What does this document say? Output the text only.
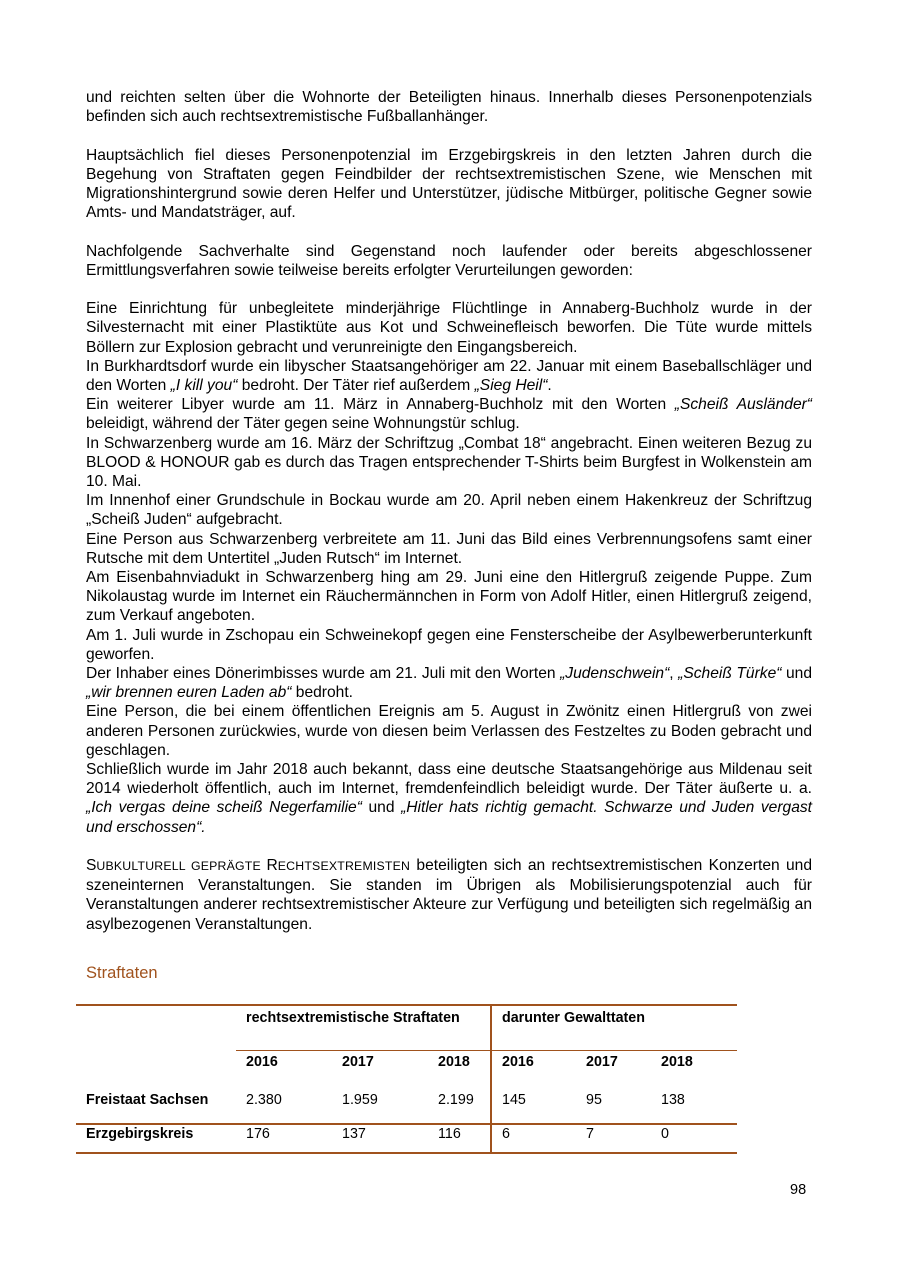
und reichten selten über die Wohnorte der Beteiligten hinaus. Innerhalb dieses Personenpotenzials befinden sich auch rechtsextremistische Fußballanhänger.

Hauptsächlich fiel dieses Personenpotenzial im Erzgebirgskreis in den letzten Jahren durch die Begehung von Straftaten gegen Feindbilder der rechtsextremistischen Szene, wie Menschen mit Migrationshintergrund sowie deren Helfer und Unterstützer, jüdische Mitbürger, politische Gegner sowie Amts- und Mandatsträger, auf.

Nachfolgende Sachverhalte sind Gegenstand noch laufender oder bereits abgeschlossener Ermittlungsverfahren sowie teilweise bereits erfolgter Verurteilungen geworden:

Eine Einrichtung für unbegleitete minderjährige Flüchtlinge in Annaberg-Buchholz wurde in der Silvesternacht mit einer Plastiktüte aus Kot und Schweinefleisch beworfen. Die Tüte wurde mittels Böllern zur Explosion gebracht und verunreinigte den Eingangsbereich.

In Burkhardtsdorf wurde ein libyscher Staatsangehöriger am 22. Januar mit einem Baseballschläger und den Worten „I kill you“ bedroht. Der Täter rief außerdem „Sieg Heil“.

Ein weiterer Libyer wurde am 11. März in Annaberg-Buchholz mit den Worten „Scheiß Ausländer“ beleidigt, während der Täter gegen seine Wohnungstür schlug.

In Schwarzenberg wurde am 16. März der Schriftzug „Combat 18“ angebracht. Einen weiteren Bezug zu BLOOD & HONOUR gab es durch das Tragen entsprechender T-Shirts beim Burgfest in Wolkenstein am 10. Mai.

Im Innenhof einer Grundschule in Bockau wurde am 20. April neben einem Hakenkreuz der Schriftzug „Scheiß Juden“ aufgebracht.

Eine Person aus Schwarzenberg verbreitete am 11. Juni das Bild eines Verbrennungsofens samt einer Rutsche mit dem Untertitel „Juden Rutsch“ im Internet.

Am Eisenbahnviadukt in Schwarzenberg hing am 29. Juni eine den Hitlergruß zeigende Puppe. Zum Nikolaustag wurde im Internet ein Räuchermännchen in Form von Adolf Hitler, einen Hitlergruß zeigend, zum Verkauf angeboten.

Am 1. Juli wurde in Zschopau ein Schweinekopf gegen eine Fensterscheibe der Asylbewerberunterkunft geworfen.

Der Inhaber eines Dönerimbisses wurde am 21. Juli mit den Worten „Judenschwein“, „Scheiß Türke“ und „wir brennen euren Laden ab“ bedroht.

Eine Person, die bei einem öffentlichen Ereignis am 5. August in Zwönitz einen Hitlergruß von zwei anderen Personen zurückwies, wurde von diesen beim Verlassen des Festzeltes zu Boden gebracht und geschlagen.

Schließlich wurde im Jahr 2018 auch bekannt, dass eine deutsche Staatsangehörige aus Mildenau seit 2014 wiederholt öffentlich, auch im Internet, fremdenfeindlich beleidigt wurde. Der Täter äußerte u. a. „Ich vergas deine scheiß Negerfamilie“ und „Hitler hats richtig gemacht. Schwarze und Juden vergast und erschossen“.

SUBKULTURELL GEPRÄGTE RECHTSEXTREMISTEN beteiligten sich an rechtsextremistischen Konzerten und szeneinternen Veranstaltungen. Sie standen im Übrigen als Mobilisierungspotenzial auch für Veranstaltungen anderer rechtsextremistischer Akteure zur Verfügung und beteiligten sich regelmäßig an asylbezogenen Veranstaltungen.

Straftaten
	rechtsextremistische Straftaten			darunter Gewalttaten		
	2016	2017	2018	2016	2017	2018
Freistaat Sachsen	2.380	1.959	2.199	145	95	138
Erzgebirgskreis	176	137	116	6	7	0
98
